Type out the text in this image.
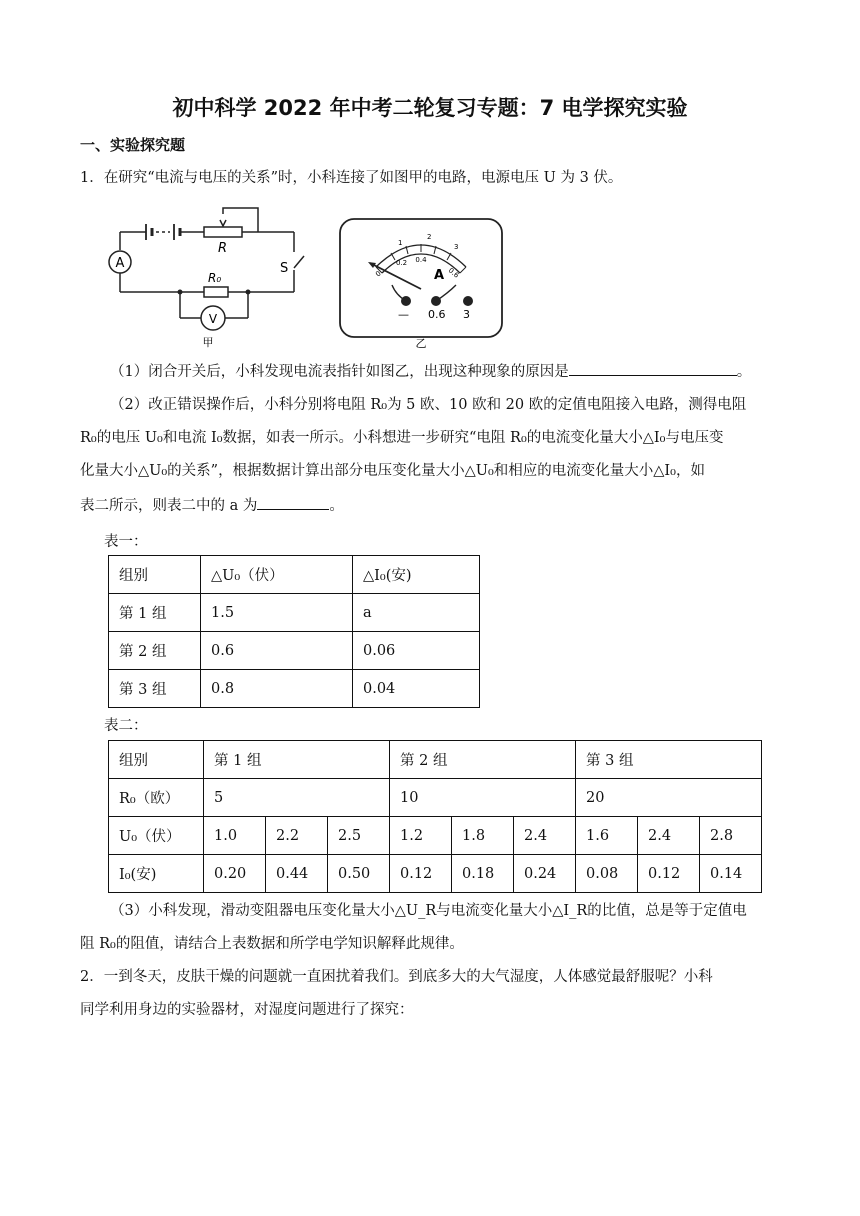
初中科学 2022 年中考二轮复习专题：7 电学探究实验
一、实验探究题
1．在研究“电流与电压的关系”时，小科连接了如图甲的电路，电源电压 U 为 3 伏。
A
R
S
R₀
V
甲
0
0.2 0.4
0.6
1
2
3
A
— 0.6 3
乙
（1）闭合开关后，小科发现电流表指针如图乙，出现这种现象的原因是	。
（2）改正错误操作后，小科分别将电阻 R₀为 5 欧、10 欧和 20 欧的定值电阻接入电路，测得电阻
R₀的电压 U₀和电流 I₀数据，如表一所示。小科想进一步研究“电阻 R₀的电流变化量大小△I₀与电压变
化量大小△U₀的关系”，根据数据计算出部分电压变化量大小△U₀和相应的电流变化量大小△I₀，如
表二所示，则表二中的 a 为	。
表一：
组别	△U₀（伏）	△I₀(安)
第 1 组	1.5	a
第 2 组	0.6	0.06
第 3 组	0.8	0.04
表二：
组别	第 1 组			第 2 组			第 3 组		
R₀（欧）	5			10			20		
U₀（伏）	1.0	2.2	2.5	1.2	1.8	2.4	1.6	2.4	2.8
I₀(安)	0.20	0.44	0.50	0.12	0.18	0.24	0.08	0.12	0.14
（3）小科发现，滑动变阻器电压变化量大小△U_R与电流变化量大小△I_R的比值，总是等于定值电
阻 R₀的阻值，请结合上表数据和所学电学知识解释此规律。
2．一到冬天，皮肤干燥的问题就一直困扰着我们。到底多大的大气湿度，人体感觉最舒服呢？小科
同学利用身边的实验器材，对湿度问题进行了探究：
